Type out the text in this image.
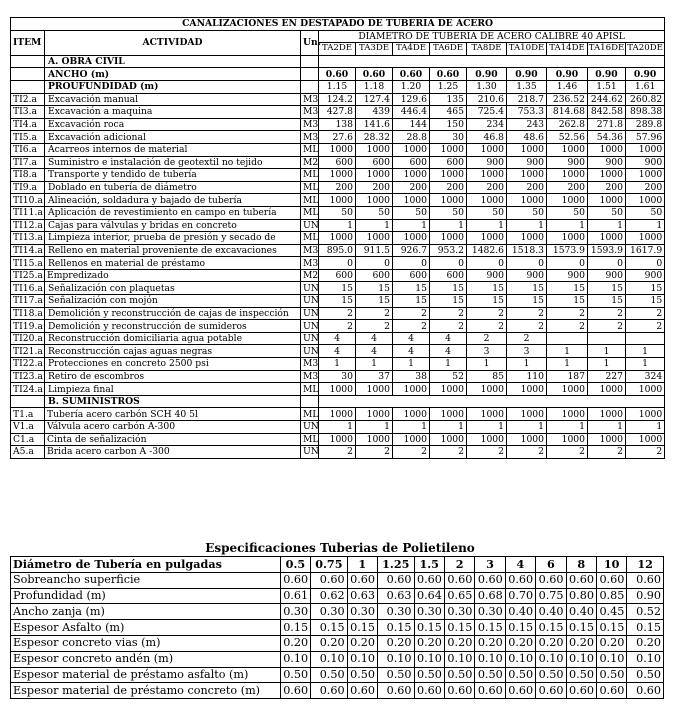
CANALIZACIONES EN DESTAPADO DE TUBERIA DE ACERO											
ITEM	ACTIVIDAD	Un.	DIAMETRO DE TUBERIA DE ACERO CALIBRE 40 APISL								
			TA2DE	TA3DE	TA4DE	TA6DE	TA8DE	TA10DE	TA14DE	TA16DE	TA20DE
	A. OBRA CIVIL										
	ANCHO (m)		0.60	0.60	0.60	0.60	0.90	0.90	0.90	0.90	0.90
	PROUFUNDIDAD (m)		1.15	1.18	1.20	1.25	1.30	1.35	1.46	1.51	1.61
TI2.a	Excavación manual	M3	124.2	127.4	129.6	135	210.6	218.7	236.52	244.62	260.82
TI3.a	Excavación a maquina	M3	427.8	439	446.4	465	725.4	753.3	814.68	842.58	898.38
TI4.a	Excavación roca	M3	138	141.6	144	150	234	243	262.8	271.8	289.8
TI5.a	Excavación adicional	M3	27.6	28.32	28.8	30	46.8	48.6	52.56	54.36	57.96
TI6.a	Acarreos internos de material	ML	1000	1000	1000	1000	1000	1000	1000	1000	1000
TI7.a	Suministro e instalación de geotextil no tejido	M2	600	600	600	600	900	900	900	900	900
TI8.a	Transporte y tendido de tubería	ML	1000	1000	1000	1000	1000	1000	1000	1000	1000
TI9.a	Doblado en tubería de diámetro	ML	200	200	200	200	200	200	200	200	200
TI10.a	Alineación, soldadura y bajado de tubería	ML	1000	1000	1000	1000	1000	1000	1000	1000	1000
TI11.a	Aplicación de revestimiento en campo en tubería	ML	50	50	50	50	50	50	50	50	50
TI12.a	Cajas para válvulas y bridas en concreto	UN	1	1	1	1	1	1	1	1	1
TI13.a	Limpieza interior, prueba de presión y secado de	ML	1000	1000	1000	1000	1000	1000	1000	1000	1000
TI14.a	Relleno en material proveniente de excavaciones	M3	895.0	911.5	926.7	953.2	1482.6	1518.3	1573.9	1593.9	1617.9
TI15.a	Rellenos en material de préstamo	M3	0	0	0	0	0	0	0	0	0
TI25.a	Empredizado	M2	600	600	600	600	900	900	900	900	900
TI16.a	Señalización con plaquetas	UN	15	15	15	15	15	15	15	15	15
TI17.a	Señalización con mojón	UN	15	15	15	15	15	15	15	15	15
TI18.a	Demolición y reconstrucción de cajas de inspección	UN	2	2	2	2	2	2	2	2	2
TI19.a	Demolición y reconstrucción de sumideros	UN	2	2	2	2	2	2	2	2	2
TI20.a	Reconstrucción domiciliaria agua potable	UN	4	4	4	4	2	2			
TI21.a	Reconstrucción cajas aguas negras	UN	4	4	4	4	3	3	1	1	1
TI22.a	Protecciones en concreto 2500 psi	M3	1	1	1	1	1	1	1	1	1
TI23.a	Retiro de escombros	M3	30	37	38	52	85	110	187	227	324
TI24.a	Limpieza final	ML	1000	1000	1000	1000	1000	1000	1000	1000	1000
	B. SUMINISTROS										
T1.a	Tubería acero carbón SCH 40 5l	ML	1000	1000	1000	1000	1000	1000	1000	1000	1000
V1.a	Válvula acero carbón A-300	UN	1	1	1	1	1	1	1	1	1
C1.a	Cinta de señalización	ML	1000	1000	1000	1000	1000	1000	1000	1000	1000
A5.a	Brida acero carbon A -300	UN	2	2	2	2	2	2	2	2	2
Especificaciones Tuberias de Polietileno
Diámetro de Tubería en pulgadas	0.5	0.75	1	1.25	1.5	2	3	4	6	8	10	12
Sobreancho superficie	0.60	0.60	0.60	0.60	0.60	0.60	0.60	0.60	0.60	0.60	0.60	0.60
Profundidad (m)	0.61	0.62	0.63	0.63	0.64	0.65	0.68	0.70	0.75	0.80	0.85	0.90
Ancho zanja (m)	0.30	0.30	0.30	0.30	0.30	0.30	0.30	0.40	0.40	0.40	0.45	0.52
Espesor Asfalto (m)	0.15	0.15	0.15	0.15	0.15	0.15	0.15	0.15	0.15	0.15	0.15	0.15
Espesor concreto vias (m)	0.20	0.20	0.20	0.20	0.20	0.20	0.20	0.20	0.20	0.20	0.20	0.20
Espesor concreto andén (m)	0.10	0.10	0.10	0.10	0.10	0.10	0.10	0.10	0.10	0.10	0.10	0.10
Espesor material de préstamo asfalto (m)	0.50	0.50	0.50	0.50	0.50	0.50	0.50	0.50	0.50	0.50	0.50	0.50
Espesor material de préstamo concreto (m)	0.60	0.60	0.60	0.60	0.60	0.60	0.60	0.60	0.60	0.60	0.60	0.60
